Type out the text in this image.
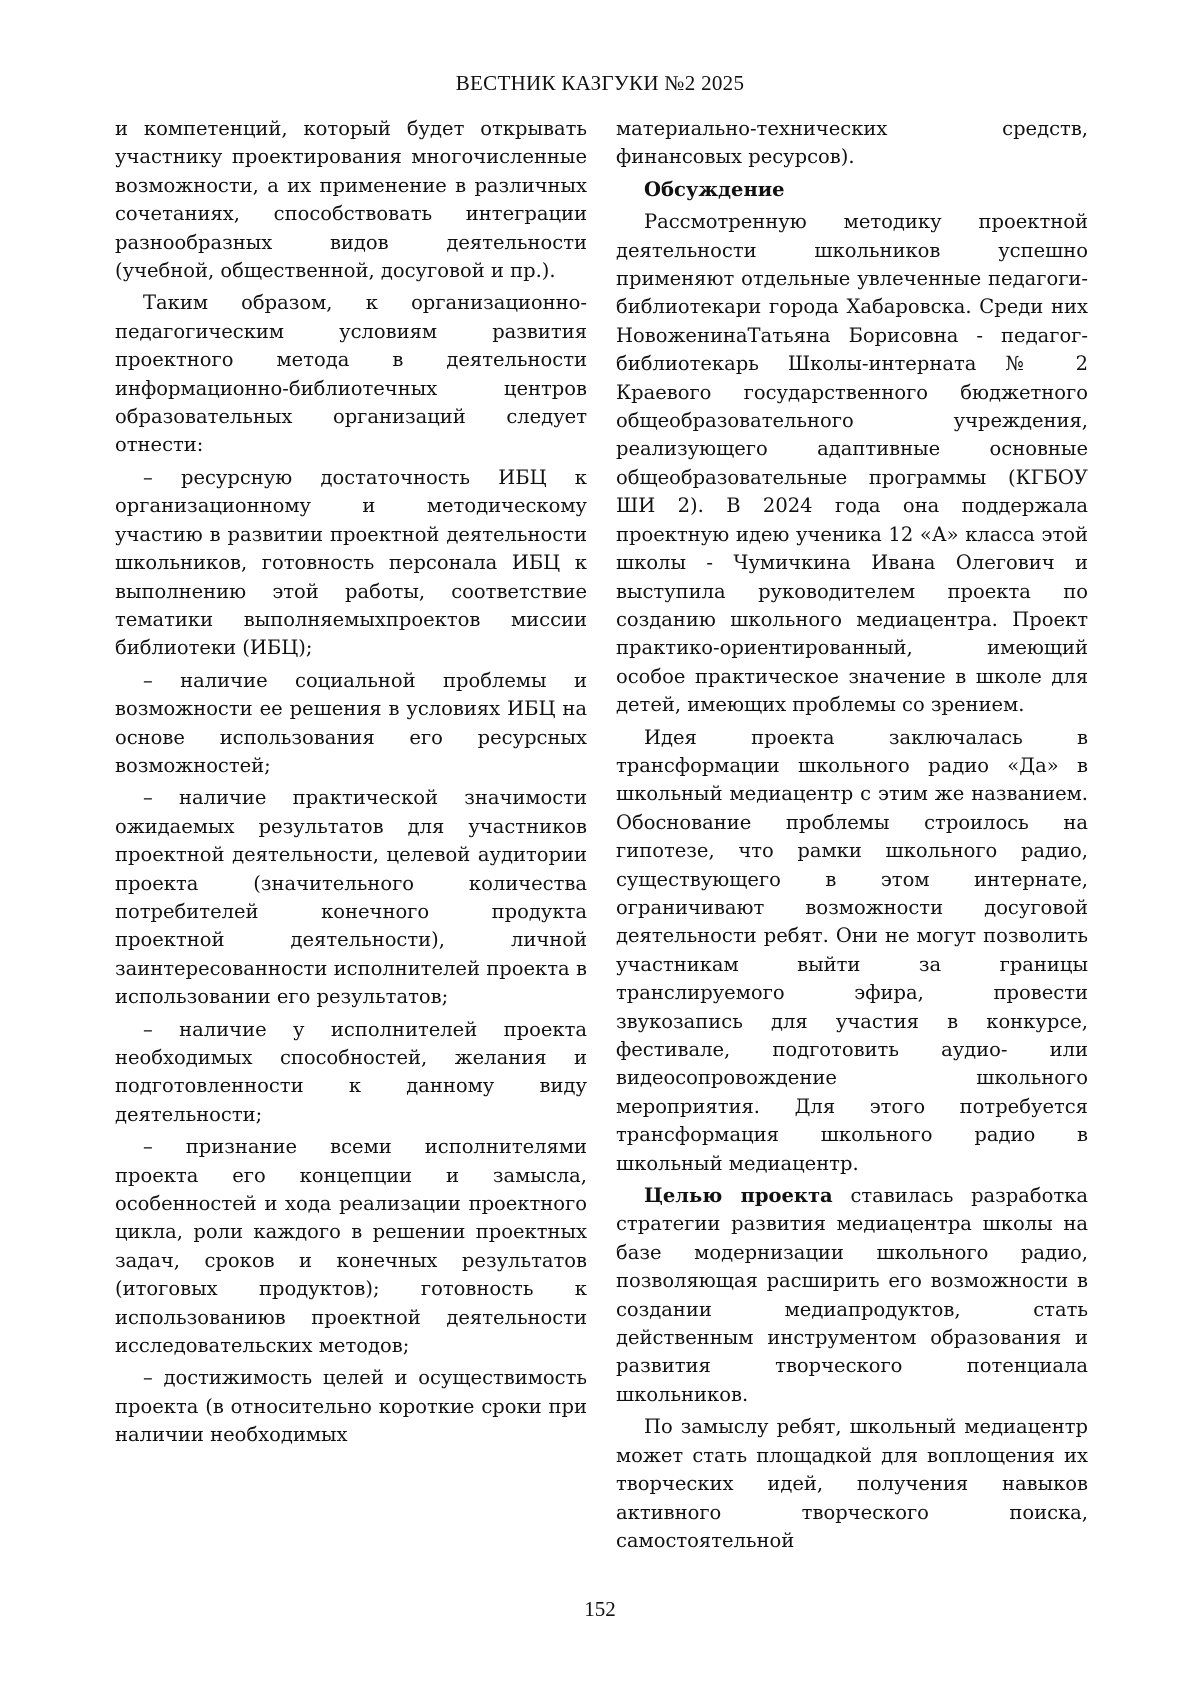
ВЕСТНИК КАЗГУКИ №2 2025

и компетенций, который будет открывать участнику проектирования многочисленные возможности, а их применение в различных сочетаниях, способствовать интеграции разнообразных видов деятельности (учебной, общественной, досуговой и пр.).

Таким образом, к организационно-педагогическим условиям развития проектного метода в деятельности информационно-библиотечных центров образовательных организаций следует отнести:

– ресурсную достаточность ИБЦ к организационному и методическому участию в развитии проектной деятельности школьников, готовность персонала ИБЦ к выполнению этой работы, соответствие тематики выполняемыхпроектов миссии библиотеки (ИБЦ);

– наличие социальной проблемы и возможности ее решения в условиях ИБЦ на основе использования его ресурсных возможностей;

– наличие практической значимости ожидаемых результатов для участников проектной деятельности, целевой аудитории проекта (значительного количества потребителей конечного продукта проектной деятельности), личной заинтересованности исполнителей проекта в использовании его результатов;

– наличие у исполнителей проекта необходимых способностей, желания и подготовленности к данному виду деятельности;

– признание всеми исполнителями проекта его концепции и замысла, особенностей и хода реализации проектного цикла, роли каждого в решении проектных задач, сроков и конечных результатов (итоговых продуктов); готовность к использованиюв проектной деятельности исследовательских методов;

– достижимость целей и осуществимость проекта (в относительно короткие сроки при наличии необходимых

материально-технических средств, финансовых ресурсов).

Обсуждение

Рассмотренную методику проектной деятельности школьников успешно применяют отдельные увлеченные педагоги-библиотекари города Хабаровска. Среди них НовоженинаТатьяна Борисовна - педагог-библиотекарь Школы-интерната № 2 Краевого государственного бюджетного общеобразовательного учреждения, реализующего адаптивные основные общеобразовательные программы (КГБОУ ШИ 2). В 2024 года она поддержала проектную идею ученика 12 «А» класса этой школы - Чумичкина Ивана Олегович и выступила руководителем проекта по созданию школьного медиацентра. Проект практико-ориентированный, имеющий особое практическое значение в школе для детей, имеющих проблемы со зрением.

Идея проекта заключалась в трансформации школьного радио «Да» в школьный медиацентр с этим же названием. Обоснование проблемы строилось на гипотезе, что рамки школьного радио, существующего в этом интернате, ограничивают возможности досуговой деятельности ребят. Они не могут позволить участникам выйти за границы транслируемого эфира, провести звукозапись для участия в конкурсе, фестивале, подготовить аудио- или видеосопровождение школьного мероприятия. Для этого потребуется трансформация школьного радио в школьный медиацентр.

Целью проекта ставилась разработка стратегии развития медиацентра школы на базе модернизации школьного радио, позволяющая расширить его возможности в создании медиапродуктов, стать действенным инструментом образования и развития творческого потенциала школьников.

По замыслу ребят, школьный медиацентр может стать площадкой для воплощения их творческих идей, получения навыков активного творческого поиска, самостоятельной

152
